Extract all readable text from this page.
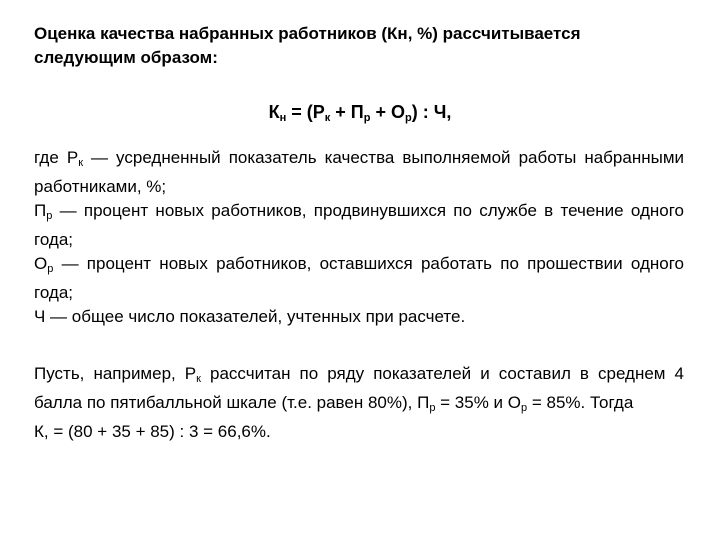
Оценка качества набранных работников (Кн, %) рассчитывается
следующим образом:
$К_н = (Р_к + П_р + О_р)$ : Ч,
где $Р_к$ — усредненный показатель качества выполняемой работы набранными работниками, %;
$П_р$ — процент новых работников, продвинувшихся по службе в течение одного года;
$О_р$ — процент новых работников, оставшихся работать по прошествии одного года;
Ч — общее число показателей, учтенных при расчете.

Пусть, например, $Р_к$ рассчитан по ряду показателей и составил в среднем 4 балла по пятибалльной шкале (т.е. равен 80%), $П_р = 35\%$ и $О_р = 85\%$. Тогда

К, = (80 + 35 + 85) : 3 = 66,6%.
